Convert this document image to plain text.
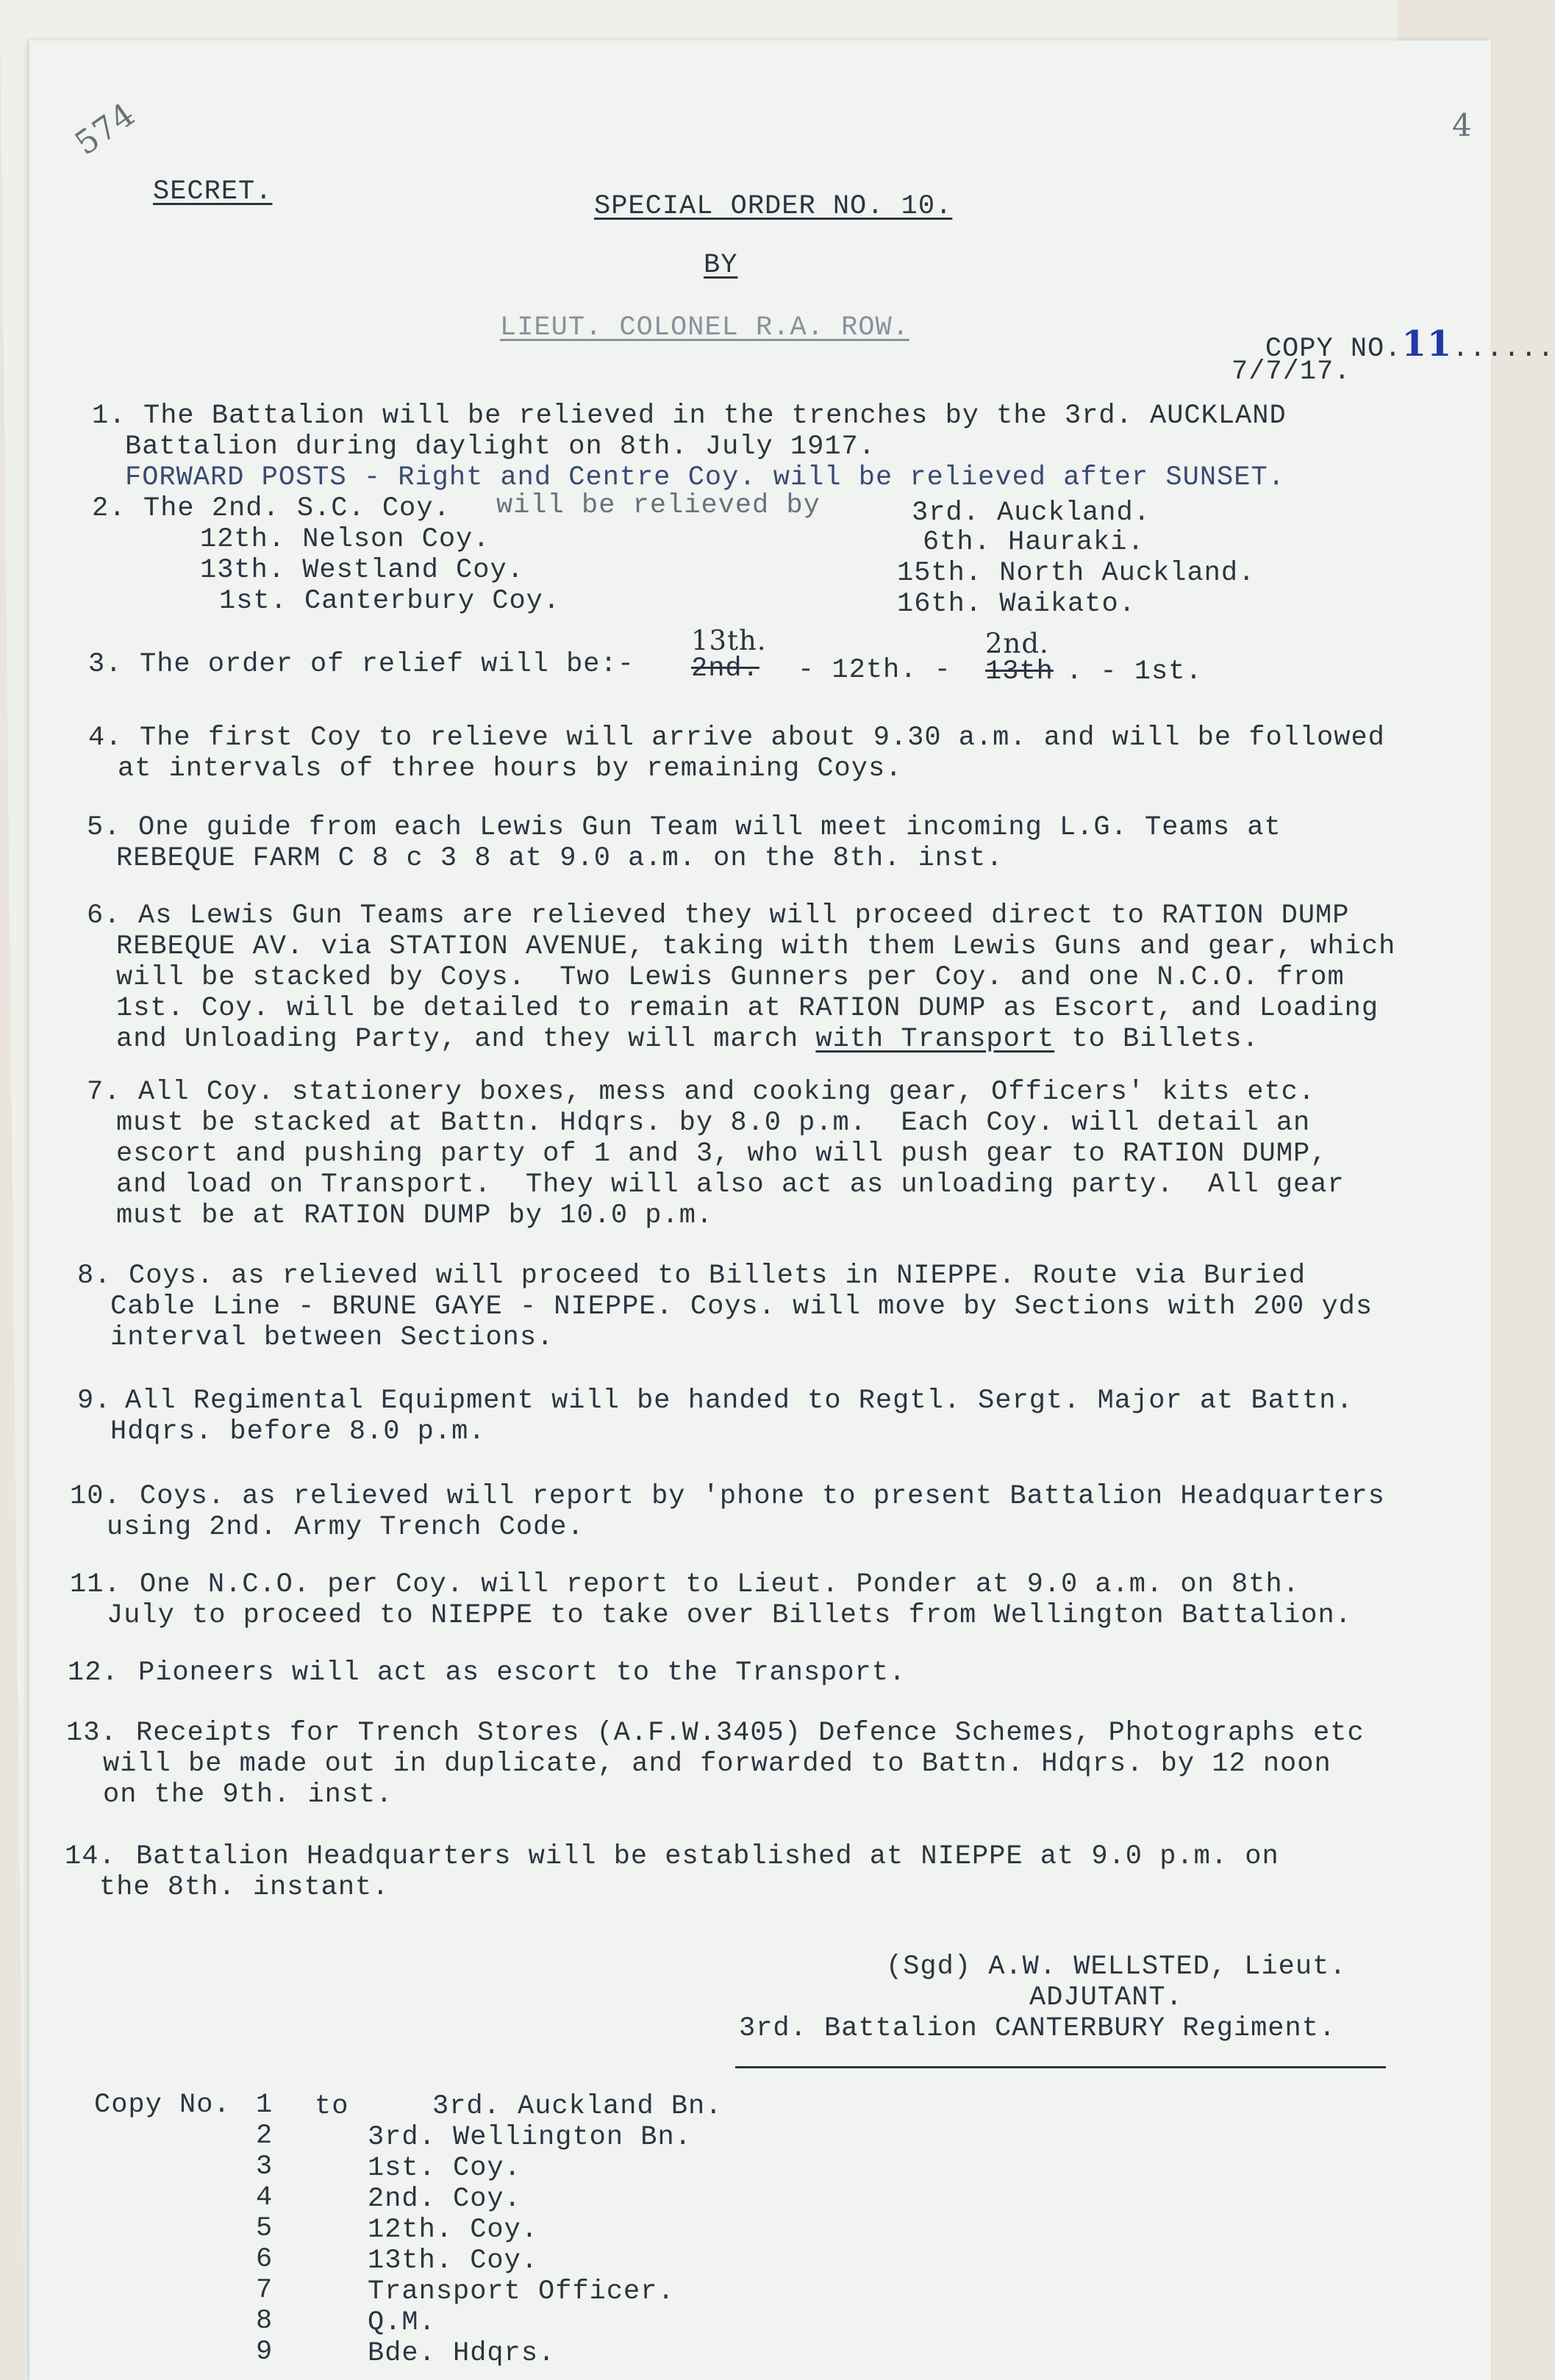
574	4
SECRET.	SPECIAL ORDER NO. 10.
BY
LIEUT. COLONEL R.A. ROW.

COPY NO.11......

7/7/17.
1. The Battalion will be relieved in the trenches by the 3rd. AUCKLAND
Battalion during daylight on 8th. July 1917.
FORWARD POSTS - Right and Centre Coy. will be relieved after SUNSET.
2. The 2nd. S.C. Coy. will be relieved by	3rd. Auckland.
12th. Nelson Coy.	6th. Hauraki.
13th. Westland Coy.	15th. North Auckland.
1st. Canterbury Coy.	16th. Waikato.
3. The order of relief will be:-
13th.
2nd. - 12th. -
2nd.
13th . - 1st.
4. The first Coy to relieve will arrive about 9.30 a.m. and will be followed
at intervals of three hours by remaining Coys.
5. One guide from each Lewis Gun Team will meet incoming L.G. Teams at
REBEQUE FARM C 8 c 3 8 at 9.0 a.m. on the 8th. inst.
6. As Lewis Gun Teams are relieved they will proceed direct to RATION DUMP
REBEQUE AV. via STATION AVENUE, taking with them Lewis Guns and gear, which
will be stacked by Coys.  Two Lewis Gunners per Coy. and one N.C.O. from
1st. Coy. will be detailed to remain at RATION DUMP as Escort, and Loading
and Unloading Party, and they will march with Transport to Billets.
7. All Coy. stationery boxes, mess and cooking gear, Officers' kits etc.
must be stacked at Battn. Hdqrs. by 8.0 p.m.  Each Coy. will detail an
escort and pushing party of 1 and 3, who will push gear to RATION DUMP,
and load on Transport.  They will also act as unloading party.  All gear
must be at RATION DUMP by 10.0 p.m.
8. Coys. as relieved will proceed to Billets in NIEPPE. Route via Buried
Cable Line - BRUNE GAYE - NIEPPE. Coys. will move by Sections with 200 yds
interval between Sections.
9. All Regimental Equipment will be handed to Regtl. Sergt. Major at Battn.
Hdqrs. before 8.0 p.m.
10. Coys. as relieved will report by 'phone to present Battalion Headquarters
using 2nd. Army Trench Code.
11. One N.C.O. per Coy. will report to Lieut. Ponder at 9.0 a.m. on 8th.
July to proceed to NIEPPE to take over Billets from Wellington Battalion.
12. Pioneers will act as escort to the Transport.
13. Receipts for Trench Stores (A.F.W.3405) Defence Schemes, Photographs etc
will be made out in duplicate, and forwarded to Battn. Hdqrs. by 12 noon
on the 9th. inst.
14. Battalion Headquarters will be established at NIEPPE at 9.0 p.m. on
the 8th. instant.
(Sgd) A.W. WELLSTED, Lieut.
ADJUTANT.
3rd. Battalion CANTERBURY Regiment.
Copy No.	to
1	3rd. Auckland Bn.
2	3rd. Wellington Bn.
3	1st. Coy.
4	2nd. Coy.
5	12th. Coy.
6	13th. Coy.
7	Transport Officer.
8	Q.M.
9	Bde. Hdqrs.
